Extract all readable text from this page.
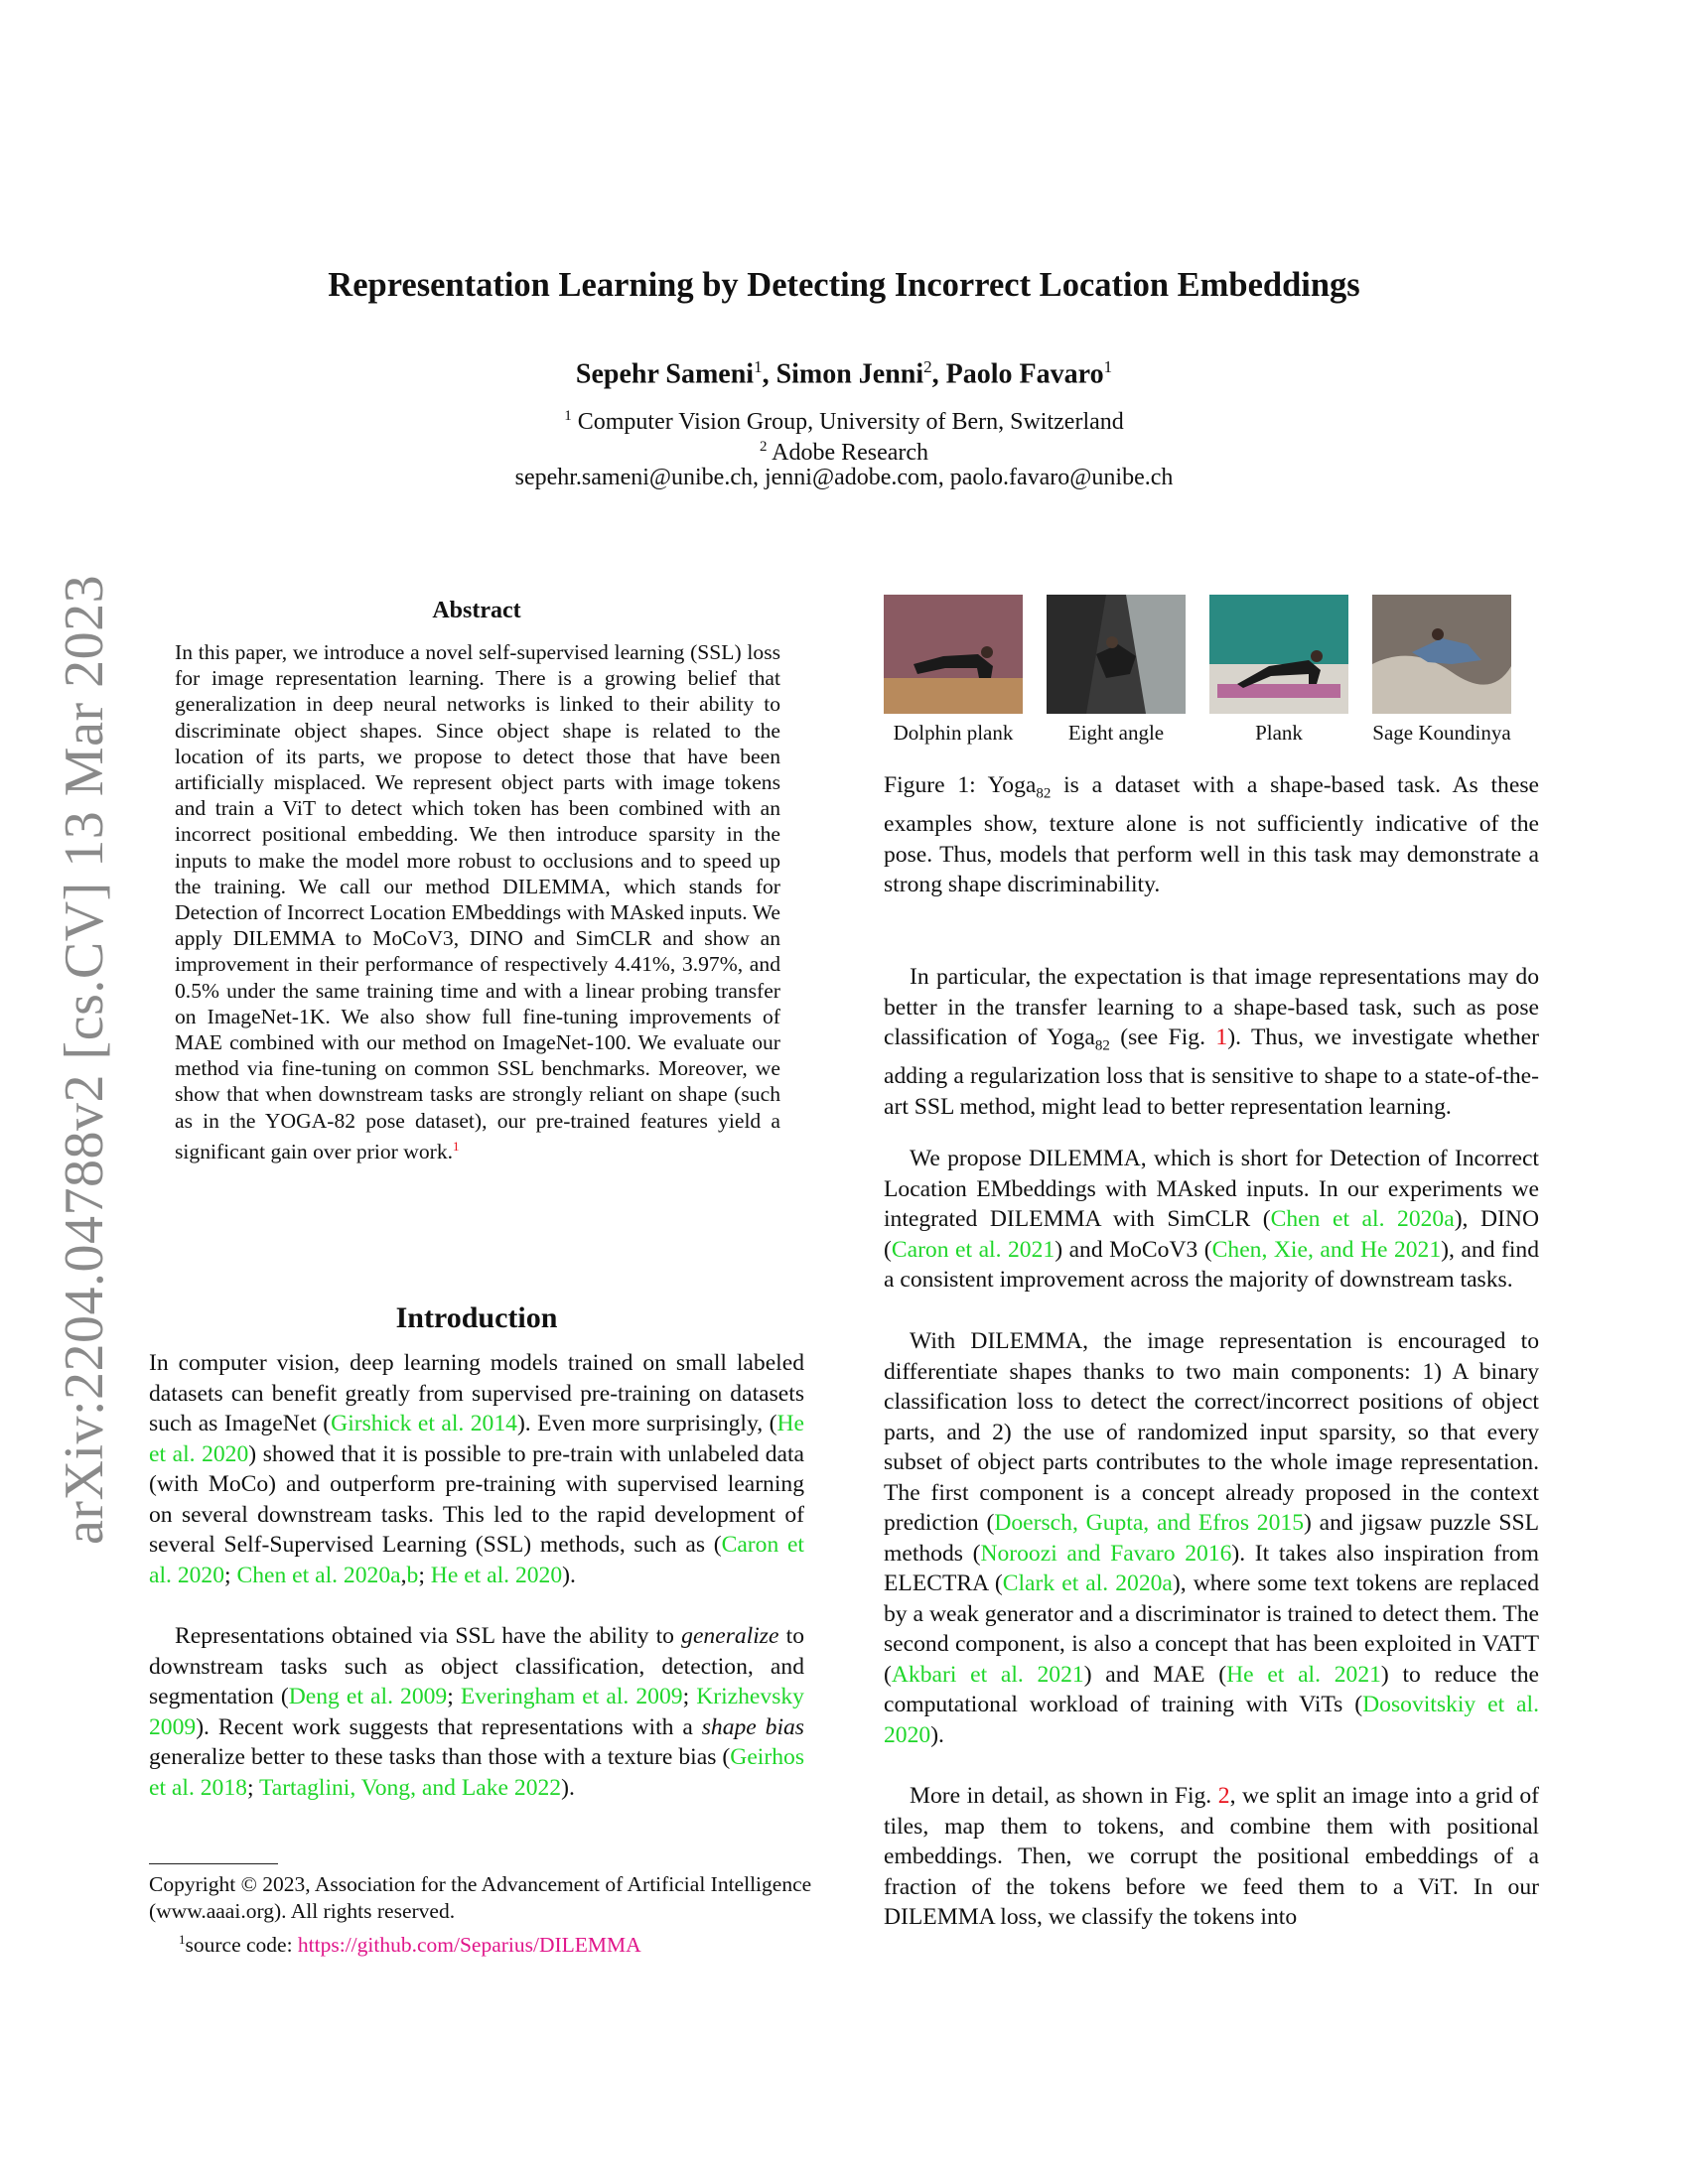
arXiv:2204.04788v2 [cs.CV] 13 Mar 2023
Representation Learning by Detecting Incorrect Location Embeddings
Sepehr Sameni$^1$, Simon Jenni$^2$, Paolo Favaro$^1$
$^1$ Computer Vision Group, University of Bern, Switzerland
$^2$ Adobe Research
sepehr.sameni@unibe.ch, jenni@adobe.com, paolo.favaro@unibe.ch
Abstract
In this paper, we introduce a novel self-supervised learning (SSL) loss for image representation learning. There is a growing belief that generalization in deep neural networks is linked to their ability to discriminate object shapes. Since object shape is related to the location of its parts, we propose to detect those that have been artificially misplaced. We represent object parts with image tokens and train a ViT to detect which token has been combined with an incorrect positional embedding. We then introduce sparsity in the inputs to make the model more robust to occlusions and to speed up the training. We call our method DILEMMA, which stands for Detection of Incorrect Location EMbeddings with MAsked inputs. We apply DILEMMA to MoCoV3, DINO and SimCLR and show an improvement in their performance of respectively 4.41%, 3.97%, and 0.5% under the same training time and with a linear probing transfer on ImageNet-1K. We also show full fine-tuning improvements of MAE combined with our method on ImageNet-100. We evaluate our method via fine-tuning on common SSL benchmarks. Moreover, we show that when downstream tasks are strongly reliant on shape (such as in the YOGA-82 pose dataset), our pre-trained features yield a significant gain over prior work.$^1$
Introduction

In computer vision, deep learning models trained on small labeled datasets can benefit greatly from supervised pre-training on datasets such as ImageNet (Girshick et al. 2014). Even more surprisingly, (He et al. 2020) showed that it is possible to pre-train with unlabeled data (with MoCo) and outperform pre-training with supervised learning on several downstream tasks. This led to the rapid development of several Self-Supervised Learning (SSL) methods, such as (Caron et al. 2020; Chen et al. 2020a,b; He et al. 2020).

Representations obtained via SSL have the ability to generalize to downstream tasks such as object classification, detection, and segmentation (Deng et al. 2009; Everingham et al. 2009; Krizhevsky 2009). Recent work suggests that representations with a shape bias generalize better to these tasks than those with a texture bias (Geirhos et al. 2018; Tartaglini, Vong, and Lake 2022).

Copyright © 2023, Association for the Advancement of Artificial Intelligence (www.aaai.org). All rights reserved.
$^1$source code: https://github.com/Separius/DILEMMA
Dolphin plank	Eight angle	Plank	Sage Koundinya
Figure 1: Yoga$_{82}$ is a dataset with a shape-based task. As these examples show, texture alone is not sufficiently indicative of the pose. Thus, models that perform well in this task may demonstrate a strong shape discriminability.

In particular, the expectation is that image representations may do better in the transfer learning to a shape-based task, such as pose classification of Yoga$_{82}$ (see Fig. 1). Thus, we investigate whether adding a regularization loss that is sensitive to shape to a state-of-the-art SSL method, might lead to better representation learning.

We propose DILEMMA, which is short for Detection of Incorrect Location EMbeddings with MAsked inputs. In our experiments we integrated DILEMMA with SimCLR (Chen et al. 2020a), DINO (Caron et al. 2021) and MoCoV3 (Chen, Xie, and He 2021), and find a consistent improvement across the majority of downstream tasks.

With DILEMMA, the image representation is encouraged to differentiate shapes thanks to two main components: 1) A binary classification loss to detect the correct/incorrect positions of object parts, and 2) the use of randomized input sparsity, so that every subset of object parts contributes to the whole image representation. The first component is a concept already proposed in the context prediction (Doersch, Gupta, and Efros 2015) and jigsaw puzzle SSL methods (Noroozi and Favaro 2016). It takes also inspiration from ELECTRA (Clark et al. 2020a), where some text tokens are replaced by a weak generator and a discriminator is trained to detect them. The second component, is also a concept that has been exploited in VATT (Akbari et al. 2021) and MAE (He et al. 2021) to reduce the computational workload of training with ViTs (Dosovitskiy et al. 2020).

More in detail, as shown in Fig. 2, we split an image into a grid of tiles, map them to tokens, and combine them with positional embeddings. Then, we corrupt the positional embeddings of a fraction of the tokens before we feed them to a ViT. In our DILEMMA loss, we classify the tokens into
